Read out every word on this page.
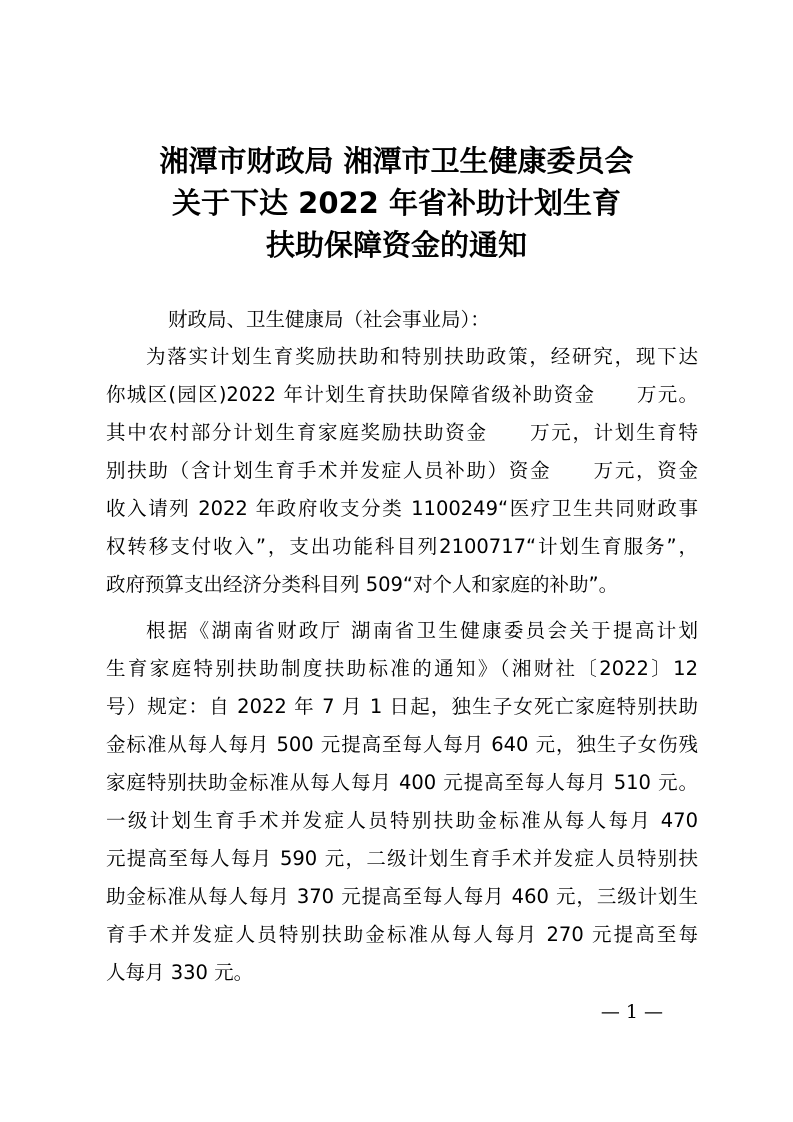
湘潭市财政局 湘潭市卫生健康委员会
关于下达 2022 年省补助计划生育
扶助保障资金的通知
财政局、卫生健康局（社会事业局）：
为落实计划生育奖励扶助和特别扶助政策，经研究，现下达
你城区(园区)2022 年计划生育扶助保障省级补助资金　　万元。
其中农村部分计划生育家庭奖励扶助资金　　万元，计划生育特
别扶助（含计划生育手术并发症人员补助）资金　　万元，资金
收入请列 2022 年政府收支分类 1100249“医疗卫生共同财政事
权转移支付收入”，支出功能科目列2100717“计划生育服务”，
政府预算支出经济分类科目列 509“对个人和家庭的补助”。
根据《湖南省财政厅 湖南省卫生健康委员会关于提高计划
生育家庭特别扶助制度扶助标准的通知》（湘财社〔2022〕12
号）规定：自 2022 年 7 月 1 日起，独生子女死亡家庭特别扶助
金标准从每人每月 500 元提高至每人每月 640 元，独生子女伤残
家庭特别扶助金标准从每人每月 400 元提高至每人每月 510 元。
一级计划生育手术并发症人员特别扶助金标准从每人每月 470
元提高至每人每月 590 元，二级计划生育手术并发症人员特别扶
助金标准从每人每月 370 元提高至每人每月 460 元，三级计划生
育手术并发症人员特别扶助金标准从每人每月 270 元提高至每
人每月 330 元。
— 1 —
